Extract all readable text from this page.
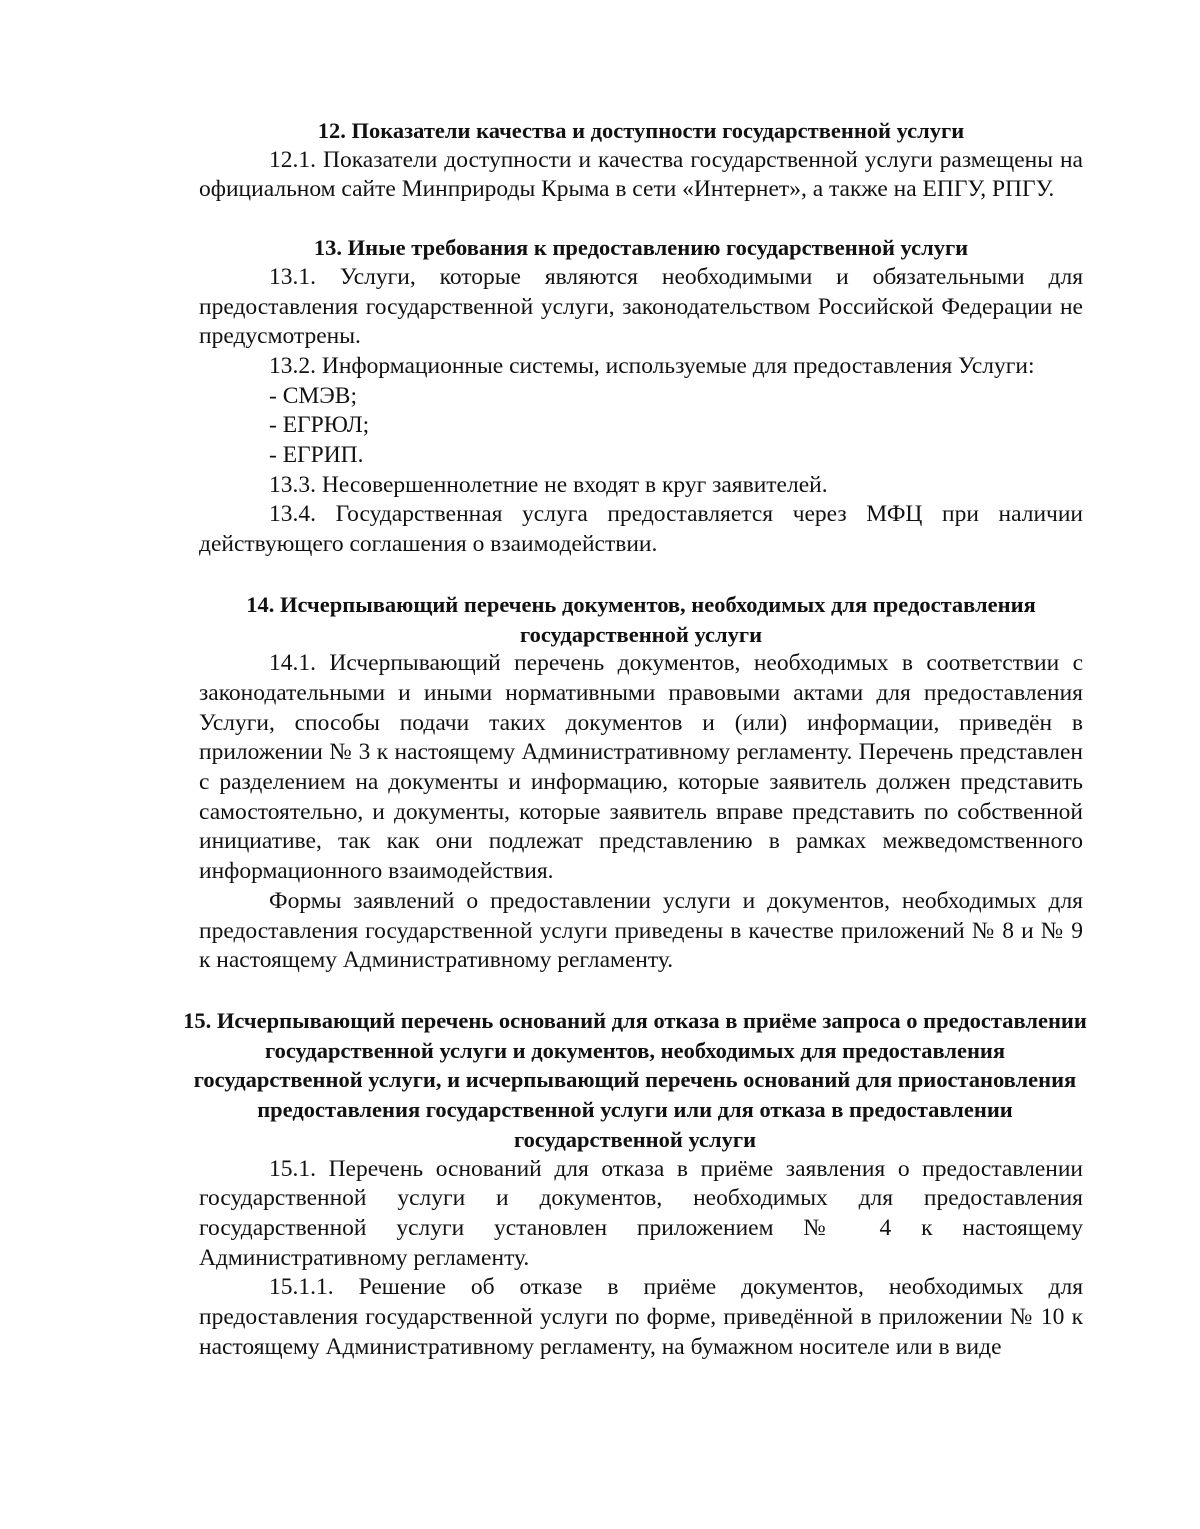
12. Показатели качества и доступности государственной услуги

12.1. Показатели доступности и качества государственной услуги размещены на официальном сайте Минприроды Крыма в сети «Интернет», а также на ЕПГУ, РПГУ.

13. Иные требования к предоставлению государственной услуги

13.1. Услуги, которые являются необходимыми и обязательными для предоставления государственной услуги, законодательством Российской Федерации не предусмотрены.

13.2. Информационные системы, используемые для предоставления Услуги:

- СМЭВ;

- ЕГРЮЛ;

- ЕГРИП.

13.3. Несовершеннолетние не входят в круг заявителей.

13.4. Государственная услуга предоставляется через МФЦ при наличии действующего соглашения о взаимодействии.

14. Исчерпывающий перечень документов, необходимых для предоставления государственной услуги

14.1. Исчерпывающий перечень документов, необходимых в соответствии с законодательными и иными нормативными правовыми актами для предоставления Услуги, способы подачи таких документов и (или) информации, приведён в приложении № 3 к настоящему Административному регламенту. Перечень представлен с разделением на документы и информацию, которые заявитель должен представить самостоятельно, и документы, которые заявитель вправе представить по собственной инициативе, так как они подлежат представлению в рамках межведомственного информационного взаимодействия.

Формы заявлений о предоставлении услуги и документов, необходимых для предоставления государственной услуги приведены в качестве приложений № 8 и № 9 к настоящему Административному регламенту.

15. Исчерпывающий перечень оснований для отказа в приёме запроса о предоставлении государственной услуги и документов, необходимых для предоставления государственной услуги, и исчерпывающий перечень оснований для приостановления предоставления государственной услуги или для отказа в предоставлении государственной услуги

15.1. Перечень оснований для отказа в приёме заявления о предоставлении государственной услуги и документов, необходимых для предоставления государственной услуги установлен приложением № 4 к настоящему Административному регламенту.

15.1.1. Решение об отказе в приёме документов, необходимых для предоставления государственной услуги по форме, приведённой в приложении № 10 к настоящему Административному регламенту, на бумажном носителе или в виде
